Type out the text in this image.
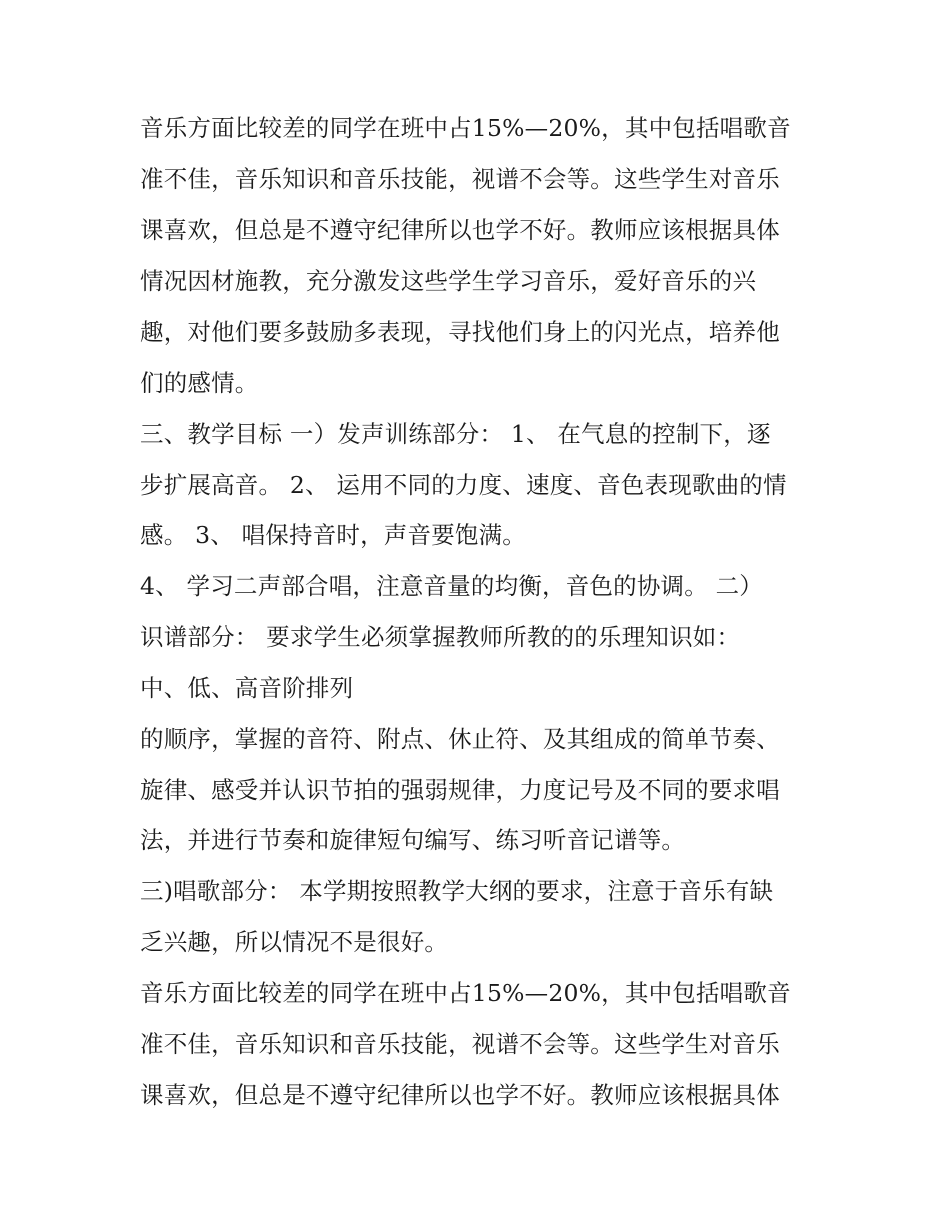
音乐方面比较差的同学在班中占15%—20%，其中包括唱歌音
准不佳，音乐知识和音乐技能，视谱不会等。这些学生对音乐
课喜欢，但总是不遵守纪律所以也学不好。教师应该根据具体
情况因材施教，充分激发这些学生学习音乐，爱好音乐的兴
趣，对他们要多鼓励多表现，寻找他们身上的闪光点，培养他
们的感情。
三、教学目标 一）发声训练部分： 1、 在气息的控制下，逐
步扩展高音。 2、 运用不同的力度、速度、音色表现歌曲的情
感。 3、 唱保持音时，声音要饱满。
4、 学习二声部合唱，注意音量的均衡，音色的协调。 二）
识谱部分： 要求学生必须掌握教师所教的的乐理知识如：
中、低、高音阶排列
的顺序，掌握的音符、附点、休止符、及其组成的简单节奏、
旋律、感受并认识节拍的强弱规律，力度记号及不同的要求唱
法，并进行节奏和旋律短句编写、练习听音记谱等。
三)唱歌部分： 本学期按照教学大纲的要求，注意于音乐有缺
乏兴趣，所以情况不是很好。
音乐方面比较差的同学在班中占15%—20%，其中包括唱歌音
准不佳，音乐知识和音乐技能，视谱不会等。这些学生对音乐
课喜欢，但总是不遵守纪律所以也学不好。教师应该根据具体
